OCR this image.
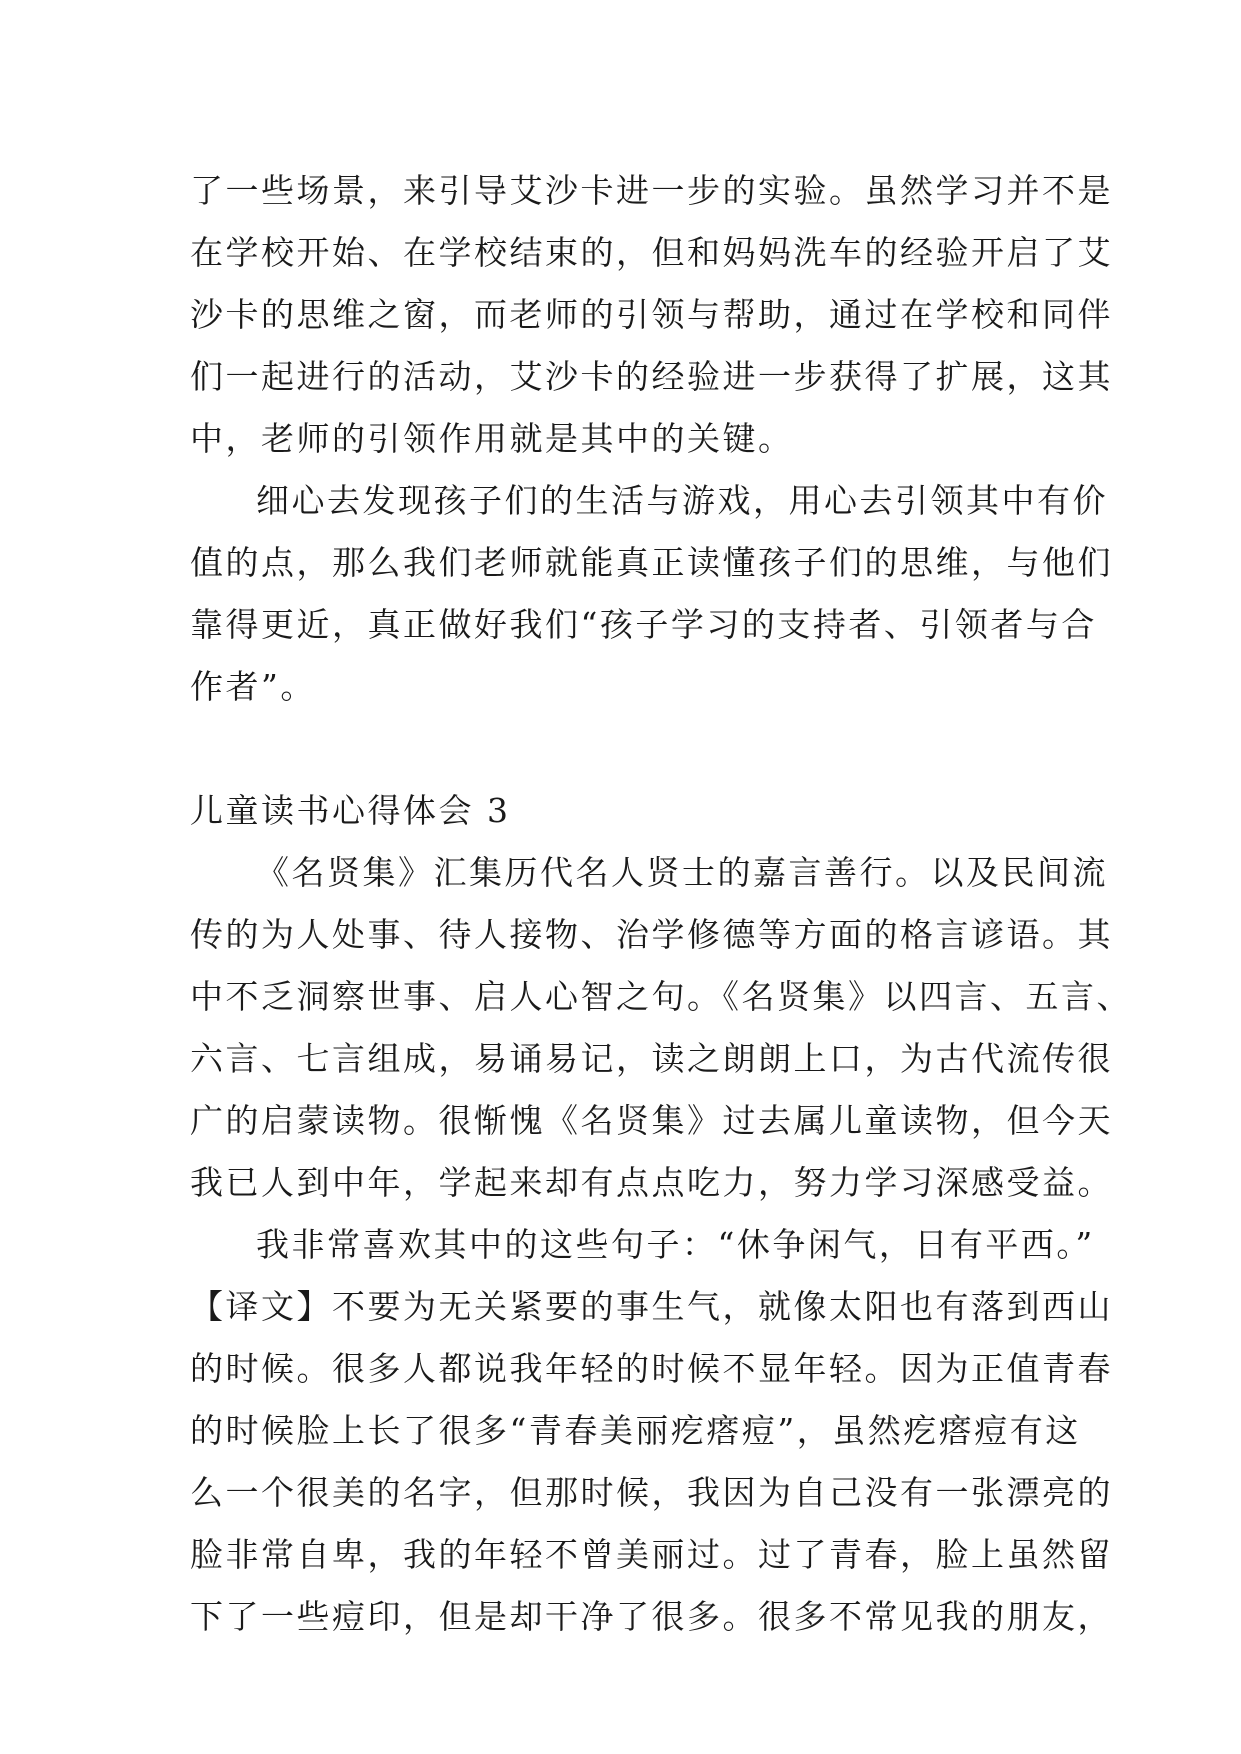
了一些场景，来引导艾沙卡进一步的实验。虽然学习并不是
在学校开始、在学校结束的，但和妈妈洗车的经验开启了艾
沙卡的思维之窗，而老师的引领与帮助，通过在学校和同伴
们一起进行的活动，艾沙卡的经验进一步获得了扩展，这其
中，老师的引领作用就是其中的关键。
细心去发现孩子们的生活与游戏，用心去引领其中有价
值的点，那么我们老师就能真正读懂孩子们的思维，与他们
靠得更近，真正做好我们“孩子学习的支持者、引领者与合
作者”。
儿童读书心得体会 3
《名贤集》汇集历代名人贤士的嘉言善行。以及民间流
传的为人处事、待人接物、治学修德等方面的格言谚语。其
中不乏洞察世事、启人心智之句。《名贤集》以四言、五言、
六言、七言组成，易诵易记，读之朗朗上口，为古代流传很
广的启蒙读物。很惭愧《名贤集》过去属儿童读物，但今天
我已人到中年，学起来却有点点吃力，努力学习深感受益。
我非常喜欢其中的这些句子：“休争闲气，日有平西。”
【译文】不要为无关紧要的事生气，就像太阳也有落到西山
的时候。很多人都说我年轻的时候不显年轻。因为正值青春
的时候脸上长了很多“青春美丽疙瘩痘”，虽然疙瘩痘有这
么一个很美的名字，但那时候，我因为自己没有一张漂亮的
脸非常自卑，我的年轻不曾美丽过。过了青春，脸上虽然留
下了一些痘印，但是却干净了很多。很多不常见我的朋友，
